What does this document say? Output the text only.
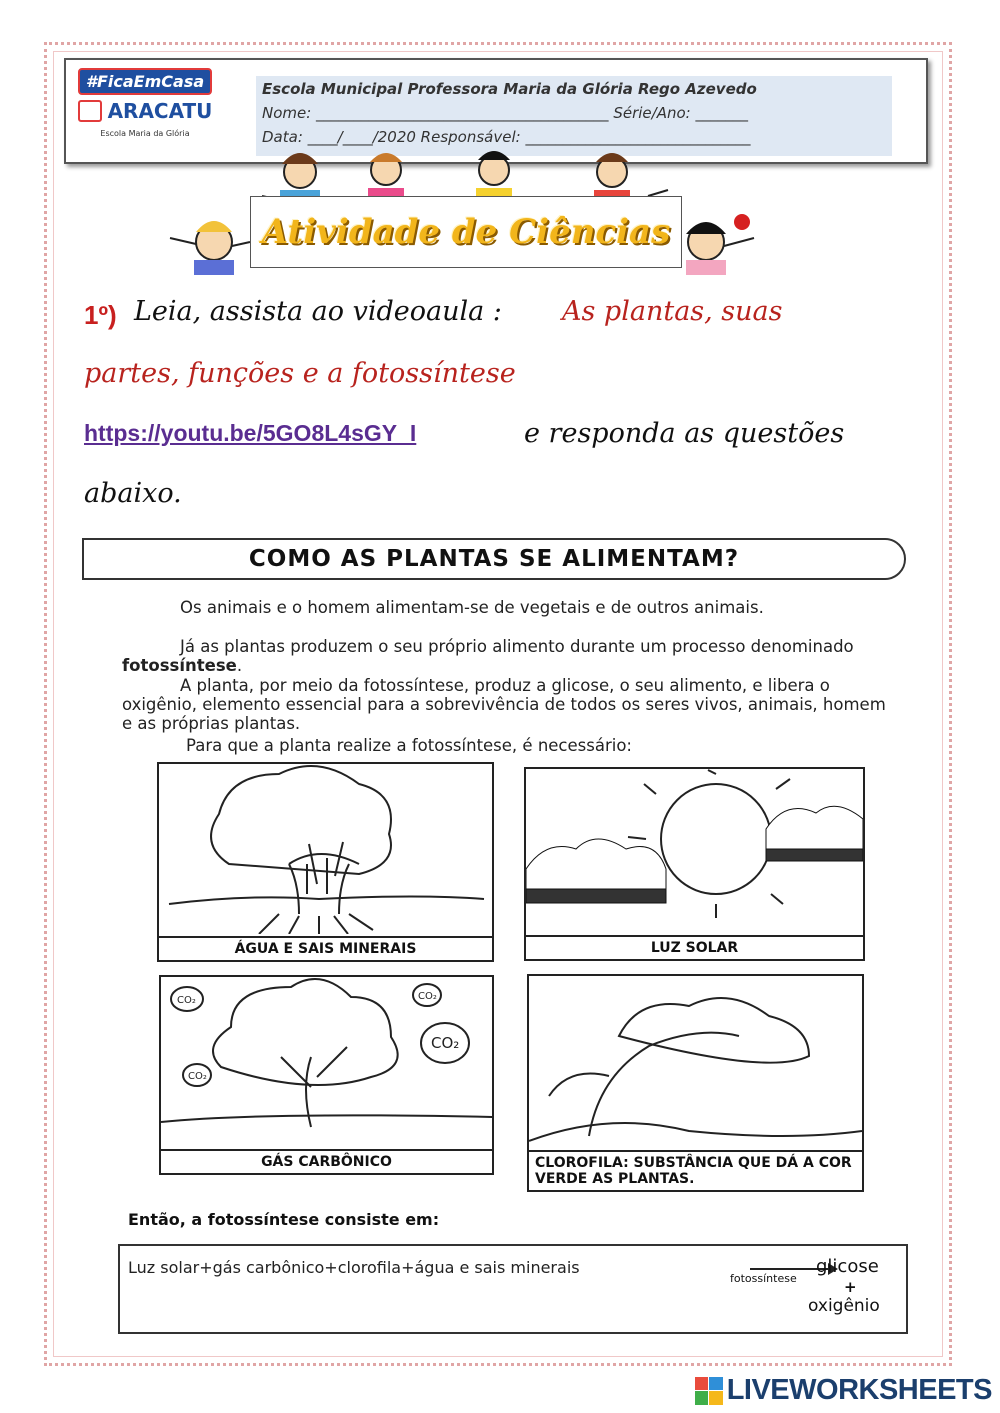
#FicaEmCasa
ARACATU
Escola Maria da Glória
Escola Municipal Professora Maria da Glória Rego Azevedo
Nome: _______________________________________ Série/Ano: _______
Data: ____/____/2020 Responsável: ______________________________
Atividade de Ciências
1º) Leia, assista ao videoaula : As plantas, suas
partes, funções e a fotossíntese
https://youtu.be/5GO8L4sGY_I	e responda as questões
abaixo.
COMO AS PLANTAS SE ALIMENTAM?
Os animais e o homem alimentam-se de vegetais e de outros animais.
Já as plantas produzem o seu próprio alimento durante um processo denominado fotossíntese.
A planta, por meio da fotossíntese, produz a glicose, o seu alimento, e libera o oxigênio, elemento essencial para a sobrevivência de todos os seres vivos, animais, homem e as próprias plantas.
Para que a planta realize a fotossíntese, é necessário:
ÁGUA E SAIS MINERAIS	LUZ SOLAR
CO₂	CO₂
CO₂
CO₂
GÁS CARBÔNICO	CLOROFILA: SUBSTÂNCIA QUE DÁ A COR VERDE AS PLANTAS.
Então, a fotossíntese consiste em:
Luz solar+gás carbônico+clorofila+água e sais minerais
fotossíntese
glicose
+
oxigênio
LIVEWORKSHEETS
